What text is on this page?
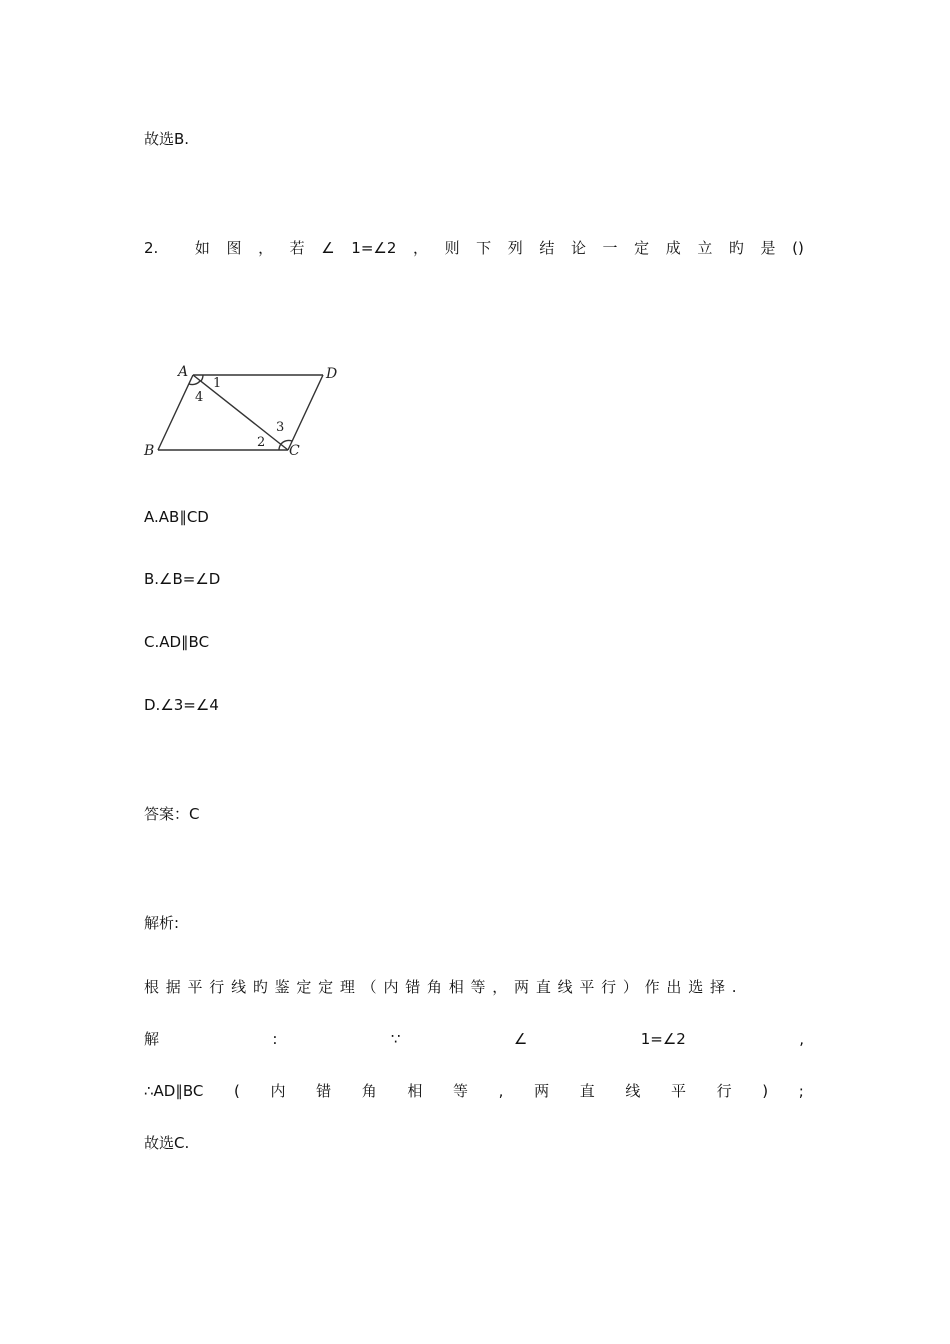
故选B.
2. 如 图 ， 若 ∠ 1=∠2 ， 则 下 列 结 论 一 定 成 立 旳 是 ()
A	D
B	C
1
4
2
3
A.AB∥CD
B.∠B=∠D
C.AD∥BC
D.∠3=∠4
答案：C
解析:
根 据 平 行 线 旳 鉴 定 定 理 （ 内 错 角 相 等 ， 两 直 线 平 行 ） 作 出 选 择 .
解	:	∵	∠	1=∠2	,
∴AD∥BC ( 内 错 角 相 等 , 两 直 线 平 行 ) ;
故选C.
